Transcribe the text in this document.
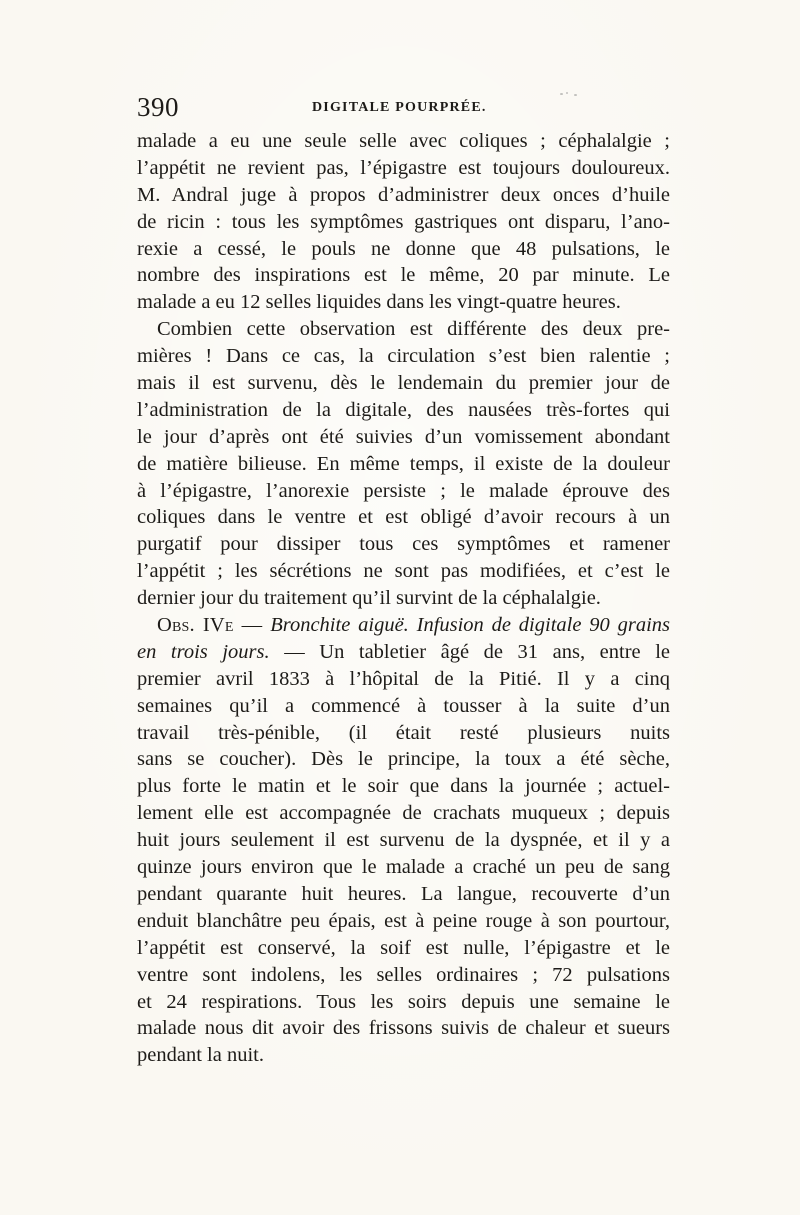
390	DIGITALE POURPRÉE.
malade a eu une seule selle avec coliques ; céphalalgie ;
l’appétit ne revient pas, l’épigastre est toujours douloureux.
M. Andral juge à propos d’administrer deux onces d’huile
de ricin : tous les symptômes gastriques ont disparu, l’ano-
rexie a cessé, le pouls ne donne que 48 pulsations, le
nombre des inspirations est le même, 20 par minute. Le
malade a eu 12 selles liquides dans les vingt-quatre heures.
Combien cette observation est différente des deux pre-
mières ! Dans ce cas, la circulation s’est bien ralentie ;
mais il est survenu, dès le lendemain du premier jour de
l’administration de la digitale, des nausées très-fortes qui
le jour d’après ont été suivies d’un vomissement abondant
de matière bilieuse. En même temps, il existe de la douleur
à l’épigastre, l’anorexie persiste ; le malade éprouve des
coliques dans le ventre et est obligé d’avoir recours à un
purgatif pour dissiper tous ces symptômes et ramener
l’appétit ; les sécrétions ne sont pas modifiées, et c’est le
dernier jour du traitement qu’il survint de la céphalalgie.
Obs. IVe — Bronchite aiguë. Infusion de digitale 90 grains
en trois jours. — Un tabletier âgé de 31 ans, entre le
premier avril 1833 à l’hôpital de la Pitié. Il y a cinq
semaines qu’il a commencé à tousser à la suite d’un
travail très-pénible, (il était resté plusieurs nuits
sans se coucher). Dès le principe, la toux a été sèche,
plus forte le matin et le soir que dans la journée ; actuel-
lement elle est accompagnée de crachats muqueux ; depuis
huit jours seulement il est survenu de la dyspnée, et il y a
quinze jours environ que le malade a craché un peu de sang
pendant quarante huit heures. La langue, recouverte d’un
enduit blanchâtre peu épais, est à peine rouge à son pourtour,
l’appétit est conservé, la soif est nulle, l’épigastre et le
ventre sont indolens, les selles ordinaires ; 72 pulsations
et 24 respirations. Tous les soirs depuis une semaine le
malade nous dit avoir des frissons suivis de chaleur et sueurs
pendant la nuit.
